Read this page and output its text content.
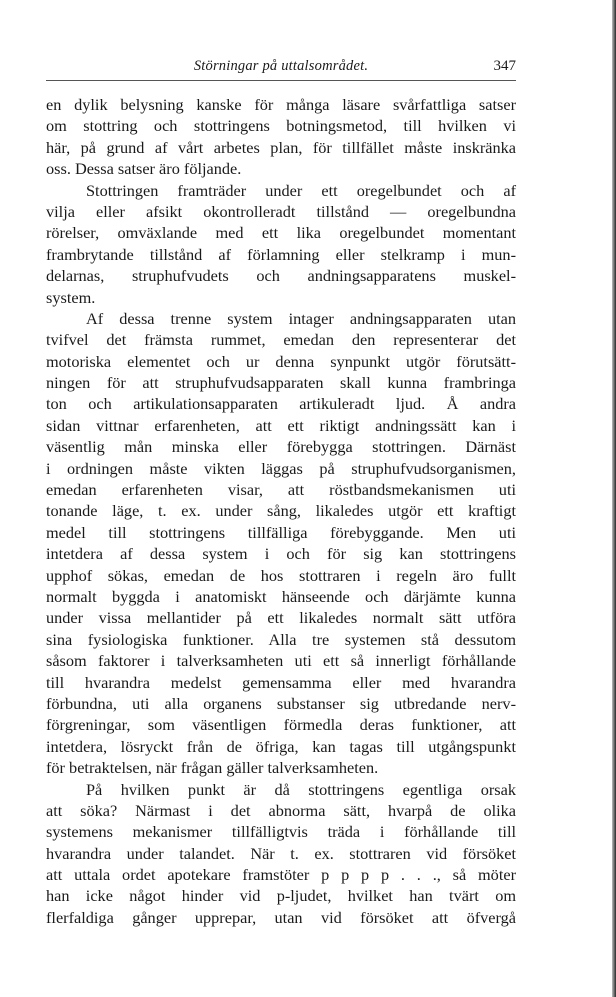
Störningar på uttalsområdet.	347
en dylik belysning kanske för många läsare svårfattliga satser
om stottring och stottringens botningsmetod, till hvilken vi
här, på grund af vårt arbetes plan, för tillfället måste inskränka
oss. Dessa satser äro följande.
Stottringen framträder under ett oregelbundet och af
vilja eller afsikt okontrolleradt tillstånd — oregelbundna
rörelser, omväxlande med ett lika oregelbundet momentant
frambrytande tillstånd af förlamning eller stelkramp i mun-
delarnas, struphufvudets och andningsapparatens muskel-
system.
Af dessa trenne system intager andningsapparaten utan
tvifvel det främsta rummet, emedan den representerar det
motoriska elementet och ur denna synpunkt utgör förutsätt-
ningen för att struphufvudsapparaten skall kunna frambringa
ton och artikulationsapparaten artikuleradt ljud. Å andra
sidan vittnar erfarenheten, att ett riktigt andningssätt kan i
väsentlig mån minska eller förebygga stottringen. Därnäst
i ordningen måste vikten läggas på struphufvudsorganismen,
emedan erfarenheten visar, att röstbandsmekanismen uti
tonande läge, t. ex. under sång, likaledes utgör ett kraftigt
medel till stottringens tillfälliga förebyggande. Men uti
intetdera af dessa system i och för sig kan stottringens
upphof sökas, emedan de hos stottraren i regeln äro fullt
normalt byggda i anatomiskt hänseende och därjämte kunna
under vissa mellantider på ett likaledes normalt sätt utföra
sina fysiologiska funktioner. Alla tre systemen stå dessutom
såsom faktorer i talverksamheten uti ett så innerligt förhållande
till hvarandra medelst gemensamma eller med hvarandra
förbundna, uti alla organens substanser sig utbredande nerv-
förgreningar, som väsentligen förmedla deras funktioner, att
intetdera, lösryckt från de öfriga, kan tagas till utgångspunkt
för betraktelsen, när frågan gäller talverksamheten.
På hvilken punkt är då stottringens egentliga orsak
att söka? Närmast i det abnorma sätt, hvarpå de olika
systemens mekanismer tillfälligtvis träda i förhållande till
hvarandra under talandet. När t. ex. stottraren vid försöket
att uttala ordet apotekare framstöter p p p p . . ., så möter
han icke något hinder vid p-ljudet, hvilket han tvärt om
flerfaldiga gånger upprepar, utan vid försöket att öfvergå
